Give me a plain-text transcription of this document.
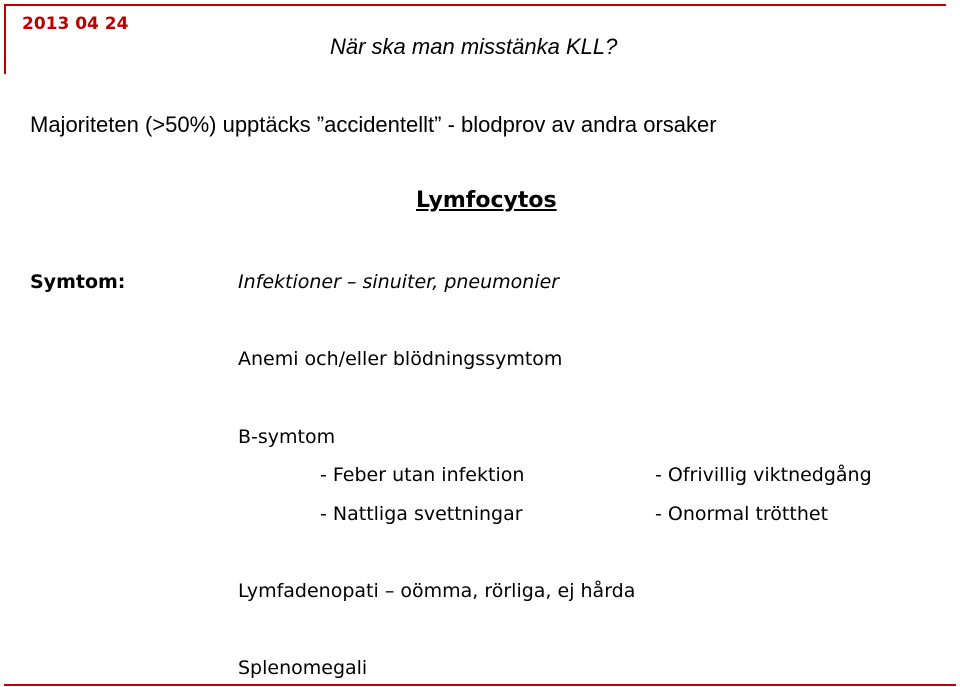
2013 04 24
När ska man misstänka KLL?
Majoriteten (>50%) upptäcks ”accidentellt” - blodprov av andra orsaker
Lymfocytos
Symtom:	Infektioner – sinuiter, pneumonier
Anemi och/eller blödningssymtom
B-symtom
- Feber utan infektion
- Nattliga svettningar
- Ofrivillig viktnedgång
- Onormal trötthet
Lymfadenopati – oömma, rörliga, ej hårda
Splenomegali
